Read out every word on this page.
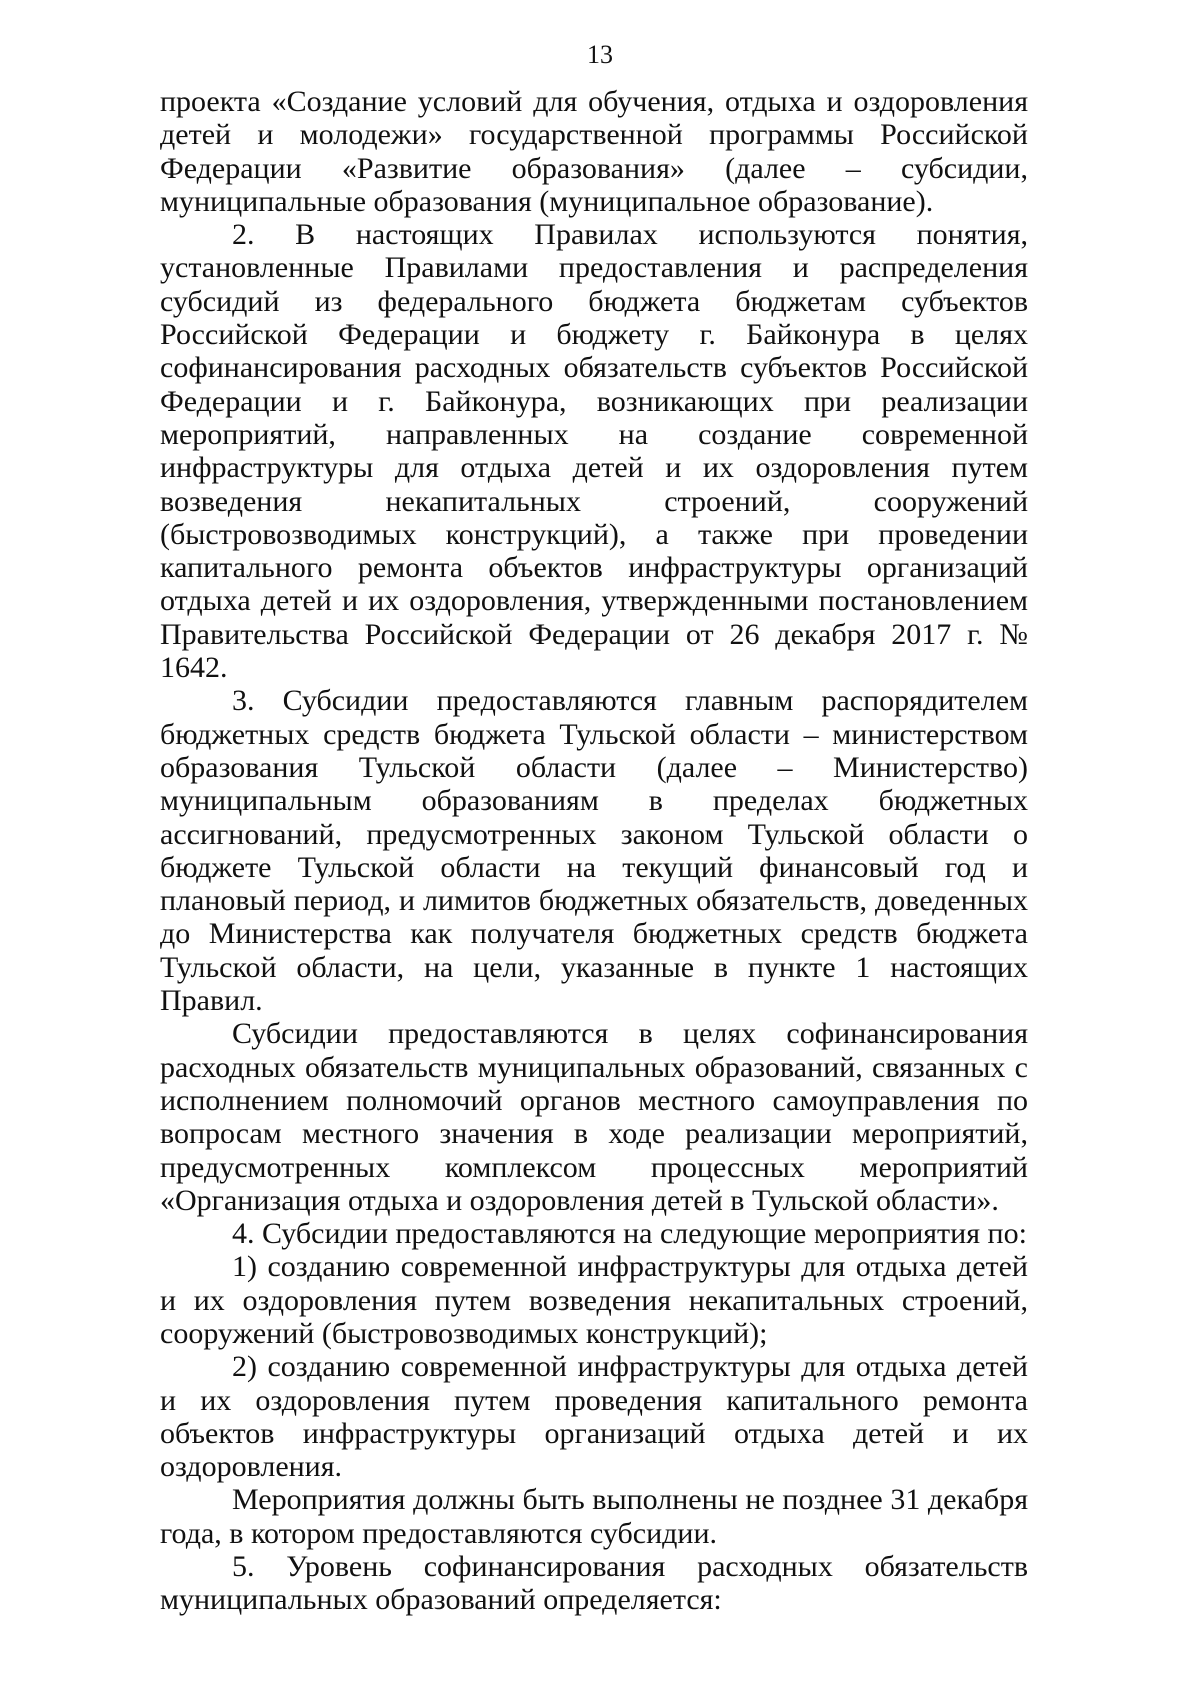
13

проекта «Создание условий для обучения, отдыха и оздоровления детей и молодежи» государственной программы Российской Федерации «Развитие образования» (далее – субсидии, муниципальные образования (муниципальное образование).

2. В настоящих Правилах используются понятия, установленные Правилами предоставления и распределения субсидий из федерального бюджета бюджетам субъектов Российской Федерации и бюджету г. Байконура в целях софинансирования расходных обязательств субъектов Российской Федерации и г. Байконура, возникающих при реализации мероприятий, направленных на создание современной инфраструктуры для отдыха детей и их оздоровления путем возведения некапитальных строений, сооружений (быстровозводимых конструкций), а также при проведении капитального ремонта объектов инфраструктуры организаций отдыха детей и их оздоровления, утвержденными постановлением Правительства Российской Федерации от 26 декабря 2017 г. № 1642.

3. Субсидии предоставляются главным распорядителем бюджетных средств бюджета Тульской области – министерством образования Тульской области (далее – Министерство) муниципальным образованиям в пределах бюджетных ассигнований, предусмотренных законом Тульской области о бюджете Тульской области на текущий финансовый год и плановый период, и лимитов бюджетных обязательств, доведенных до Министерства как получателя бюджетных средств бюджета Тульской области, на цели, указанные в пункте 1 настоящих Правил.

Субсидии предоставляются в целях софинансирования расходных обязательств муниципальных образований, связанных с исполнением полномочий органов местного самоуправления по вопросам местного значения в ходе реализации мероприятий, предусмотренных комплексом процессных мероприятий «Организация отдыха и оздоровления детей в Тульской области».

4. Субсидии предоставляются на следующие мероприятия по:

1) созданию современной инфраструктуры для отдыха детей и их оздоровления путем возведения некапитальных строений, сооружений (быстровозводимых конструкций);

2) созданию современной инфраструктуры для отдыха детей и их оздоровления путем проведения капитального ремонта объектов инфраструктуры организаций отдыха детей и их оздоровления.

Мероприятия должны быть выполнены не позднее 31 декабря года, в котором предоставляются субсидии.

5. Уровень софинансирования расходных обязательств муниципальных образований определяется:
